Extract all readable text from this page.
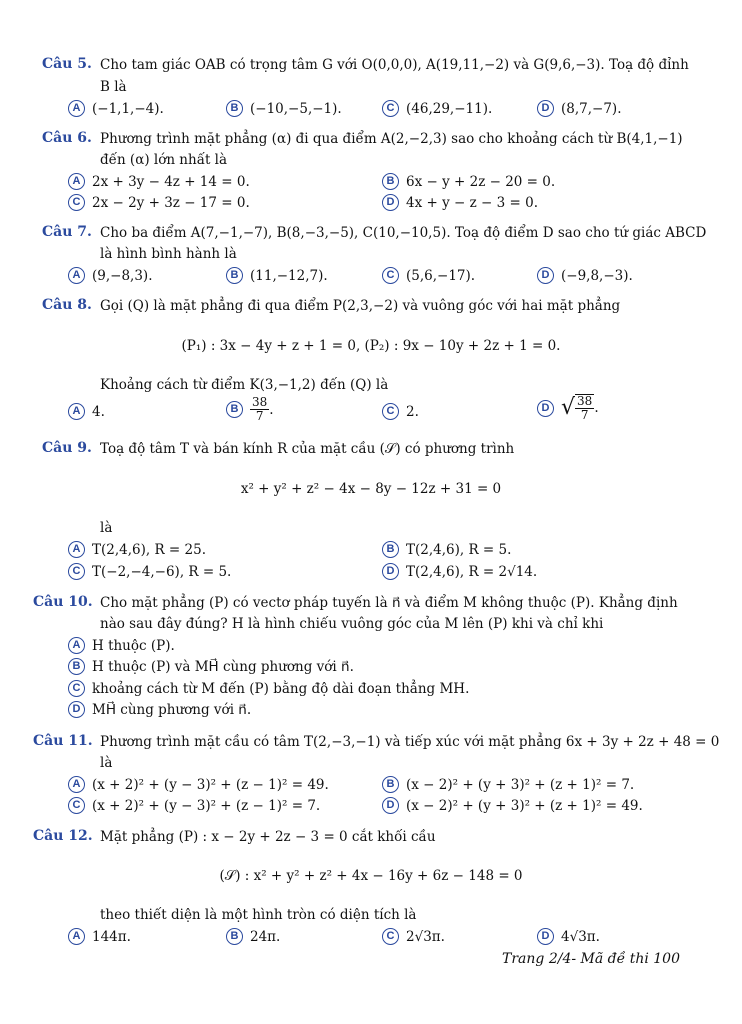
Câu 5. Cho tam giác OAB có trọng tâm G với O(0,0,0), A(19,11,−2) và G(9,6,−3). Toạ độ đỉnh
B là
A (−1,1,−4).	B (−10,−5,−1).	C (46,29,−11).	D (8,7,−7).
Câu 6. Phương trình mặt phẳng (α) đi qua điểm A(2,−2,3) sao cho khoảng cách từ B(4,1,−1)
đến (α) lớn nhất là
A 2x + 3y − 4z + 14 = 0.	B 6x − y + 2z − 20 = 0.
C 2x − 2y + 3z − 17 = 0.	D 4x + y − z − 3 = 0.
Câu 7. Cho ba điểm A(7,−1,−7), B(8,−3,−5), C(10,−10,5). Toạ độ điểm D sao cho tứ giác ABCD
là hình bình hành là
A (9,−8,3).	B (11,−12,7).	C (5,6,−17).	D (−9,8,−3).
Câu 8. Gọi (Q) là mặt phẳng đi qua điểm P(2,3,−2) và vuông góc với hai mặt phẳng
(P₁) : 3x − 4y + z + 1 = 0, (P₂) : 9x − 10y + 2z + 1 = 0.
Khoảng cách từ điểm K(3,−1,2) đến (Q) là
A 4.	B $\frac{38}{7}$ .	C 2.	D √ $\frac{38}{7}$ .
Câu 9. Toạ độ tâm T và bán kính R của mặt cầu (𝒮) có phương trình
x² + y² + z² − 4x − 8y − 12z + 31 = 0
là
A T(2,4,6), R = 25.	B T(2,4,6), R = 5.
C T(−2,−4,−6), R = 5.	D T(2,4,6), R = 2√14.
Câu 10. Cho mặt phẳng (P) có vectơ pháp tuyến là n⃗ và điểm M không thuộc (P). Khẳng định
nào sau đây đúng? H là hình chiếu vuông góc của M lên (P) khi và chỉ khi
A H thuộc (P).
B H thuộc (P) và MH⃗ cùng phương với n⃗.
C khoảng cách từ M đến (P) bằng độ dài đoạn thẳng MH.
D MH⃗ cùng phương với n⃗.
Câu 11. Phương trình mặt cầu có tâm T(2,−3,−1) và tiếp xúc với mặt phẳng 6x + 3y + 2z + 48 = 0
là
A (x + 2)² + (y − 3)² + (z − 1)² = 49.	B (x − 2)² + (y + 3)² + (z + 1)² = 7.
C (x + 2)² + (y − 3)² + (z − 1)² = 7.	D (x − 2)² + (y + 3)² + (z + 1)² = 49.
Câu 12. Mặt phẳng (P) : x − 2y + 2z − 3 = 0 cắt khối cầu
(𝒮) : x² + y² + z² + 4x − 16y + 6z − 148 = 0
theo thiết diện là một hình tròn có diện tích là
A 144π.	B 24π.	C 2√3π.	D 4√3π.
Trang 2/4- Mã đề thi 100
